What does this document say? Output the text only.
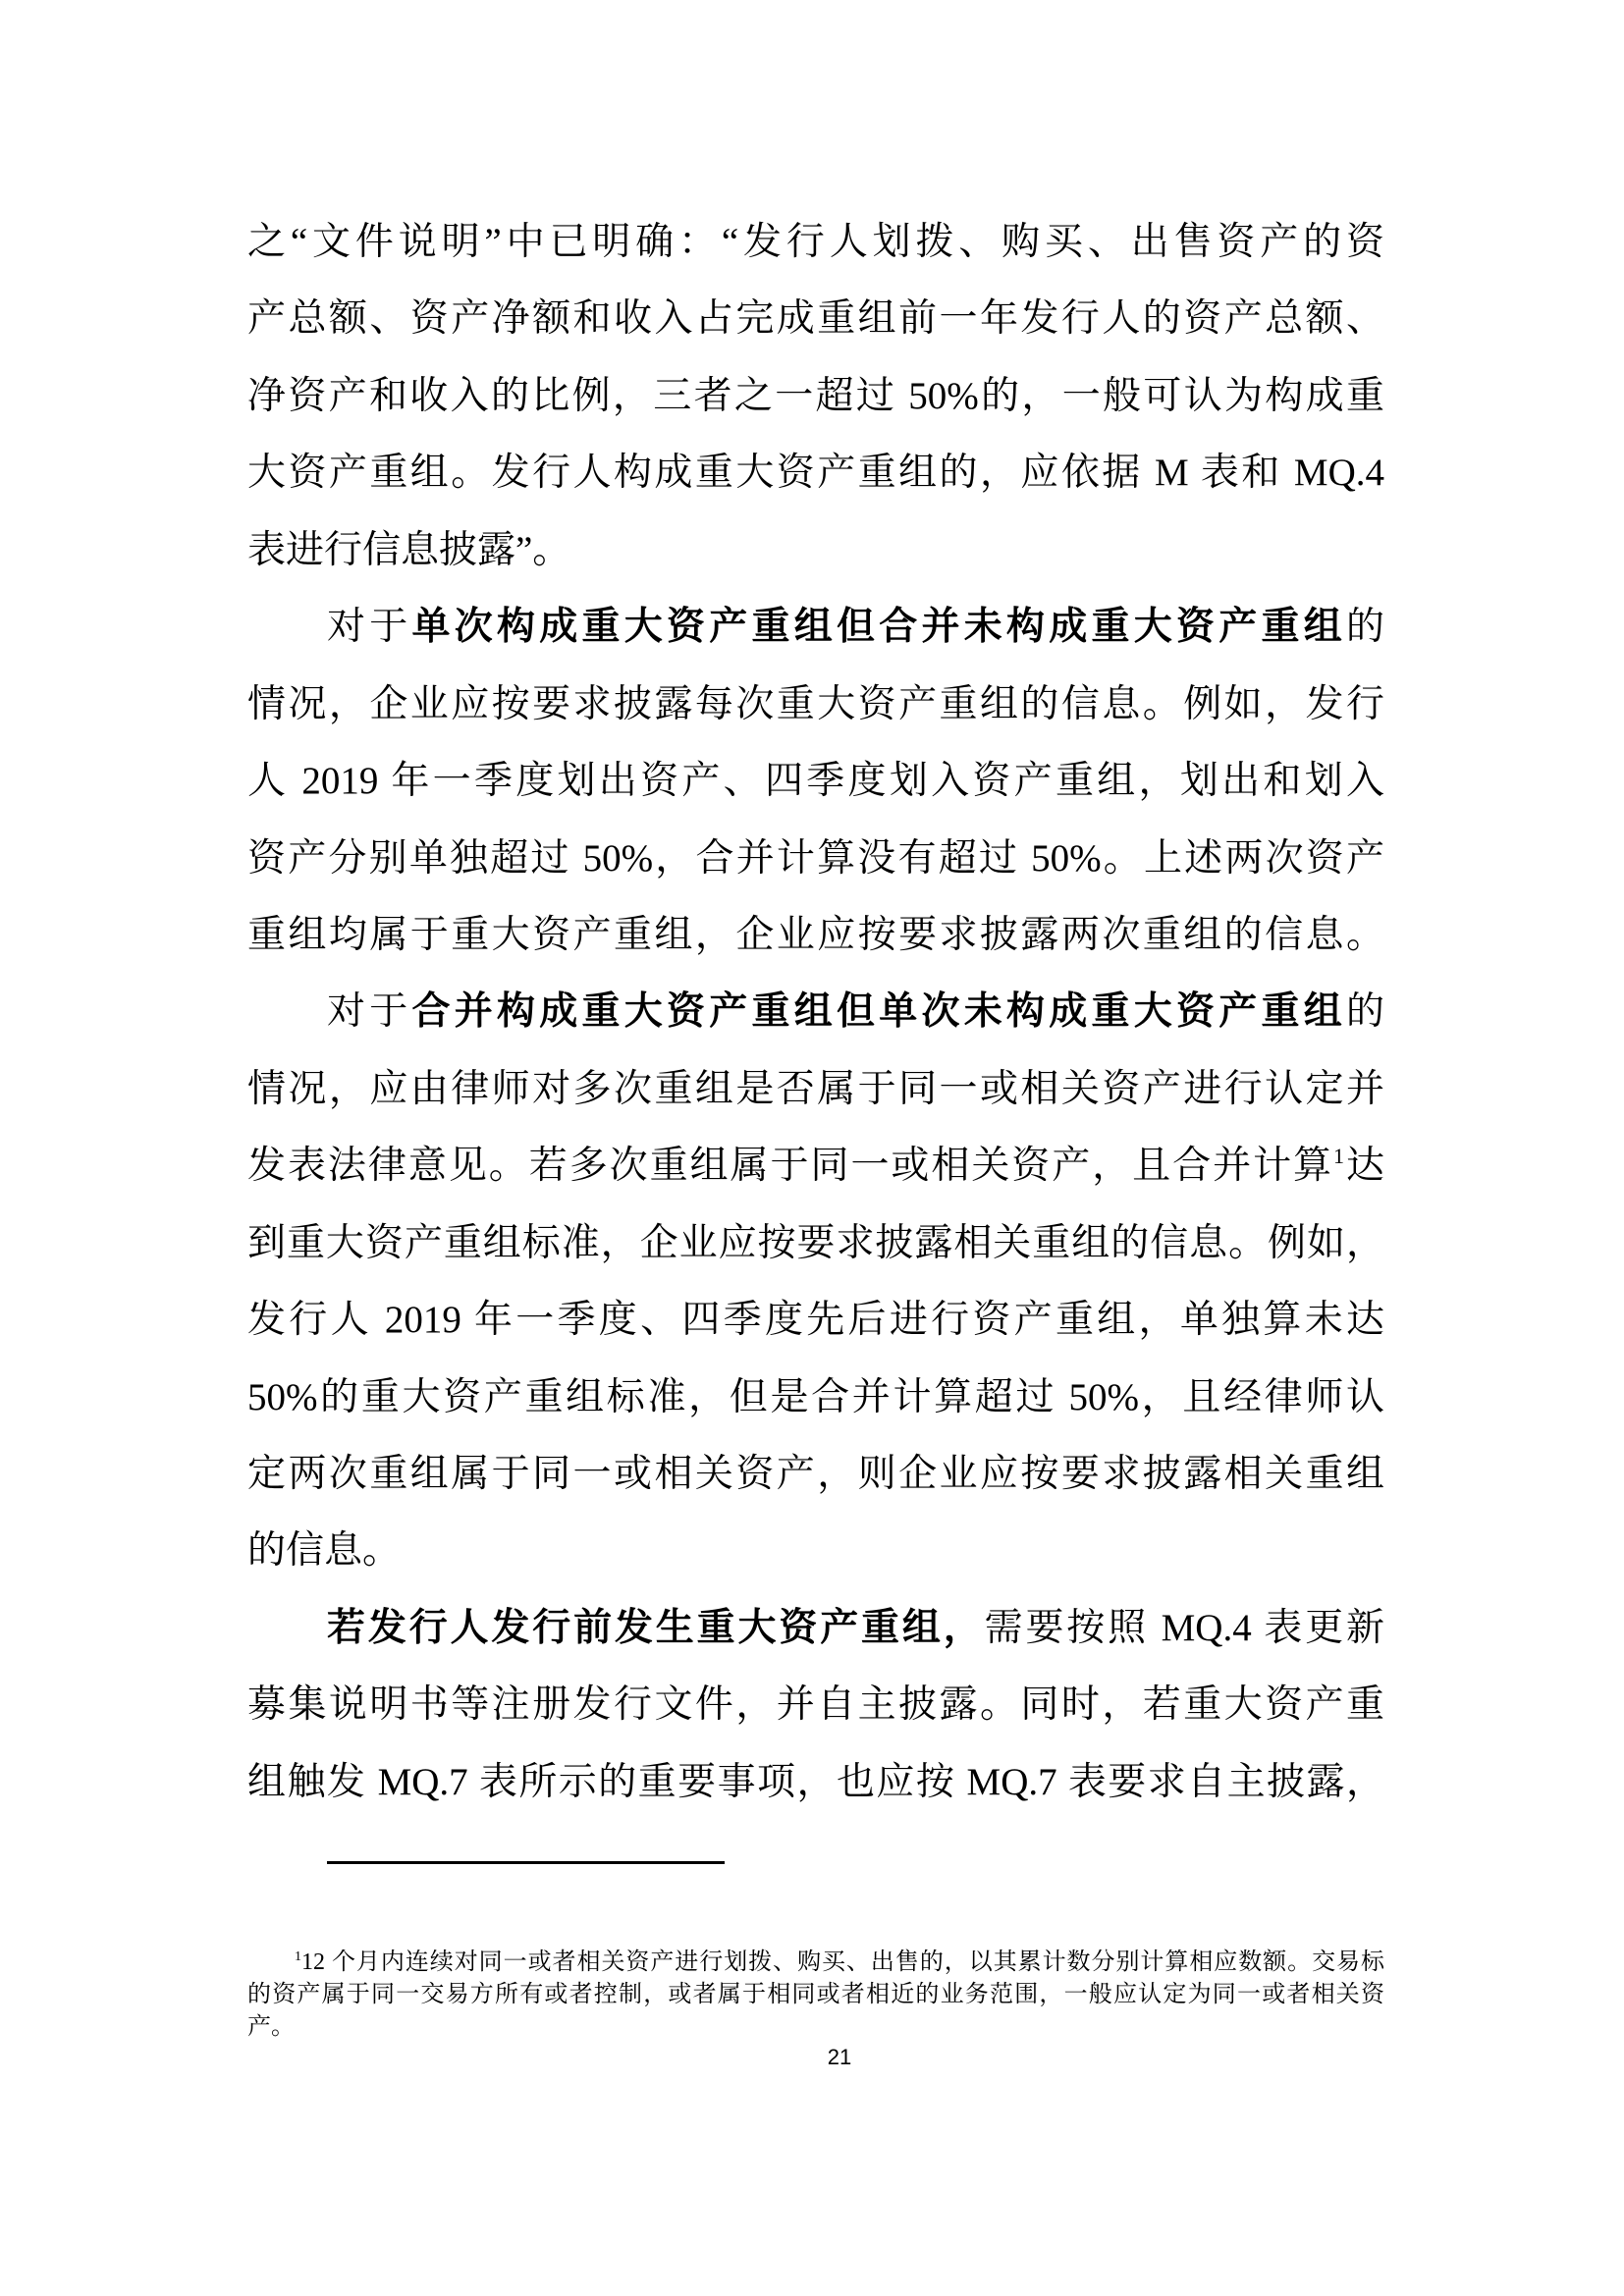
之“文件说明”中已明确：“发行人划拨、购买、出售资产的资
产总额、资产净额和收入占完成重组前一年发行人的资产总额、
净资产和收入的比例，三者之一超过 50%的，一般可认为构成重
大资产重组。发行人构成重大资产重组的，应依据 M 表和 MQ.4
表进行信息披露”。
对于单次构成重大资产重组但合并未构成重大资产重组的
情况，企业应按要求披露每次重大资产重组的信息。例如，发行
人 2019 年一季度划出资产、四季度划入资产重组，划出和划入
资产分别单独超过 50%，合并计算没有超过 50%。上述两次资产
重组均属于重大资产重组，企业应按要求披露两次重组的信息。
对于合并构成重大资产重组但单次未构成重大资产重组的
情况，应由律师对多次重组是否属于同一或相关资产进行认定并
发表法律意见。若多次重组属于同一或相关资产，且合并计算$^1$达
到重大资产重组标准，企业应按要求披露相关重组的信息。例如，
发行人 2019 年一季度、四季度先后进行资产重组，单独算未达
50%的重大资产重组标准，但是合并计算超过 50%，且经律师认
定两次重组属于同一或相关资产，则企业应按要求披露相关重组
的信息。
若发行人发行前发生重大资产重组，需要按照 MQ.4 表更新
募集说明书等注册发行文件，并自主披露。同时，若重大资产重
组触发 MQ.7 表所示的重要事项，也应按 MQ.7 表要求自主披露，
$^1$12 个月内连续对同一或者相关资产进行划拨、购买、出售的，以其累计数分别计算相应数额。交易标
的资产属于同一交易方所有或者控制，或者属于相同或者相近的业务范围，一般应认定为同一或者相关资
产。
21
